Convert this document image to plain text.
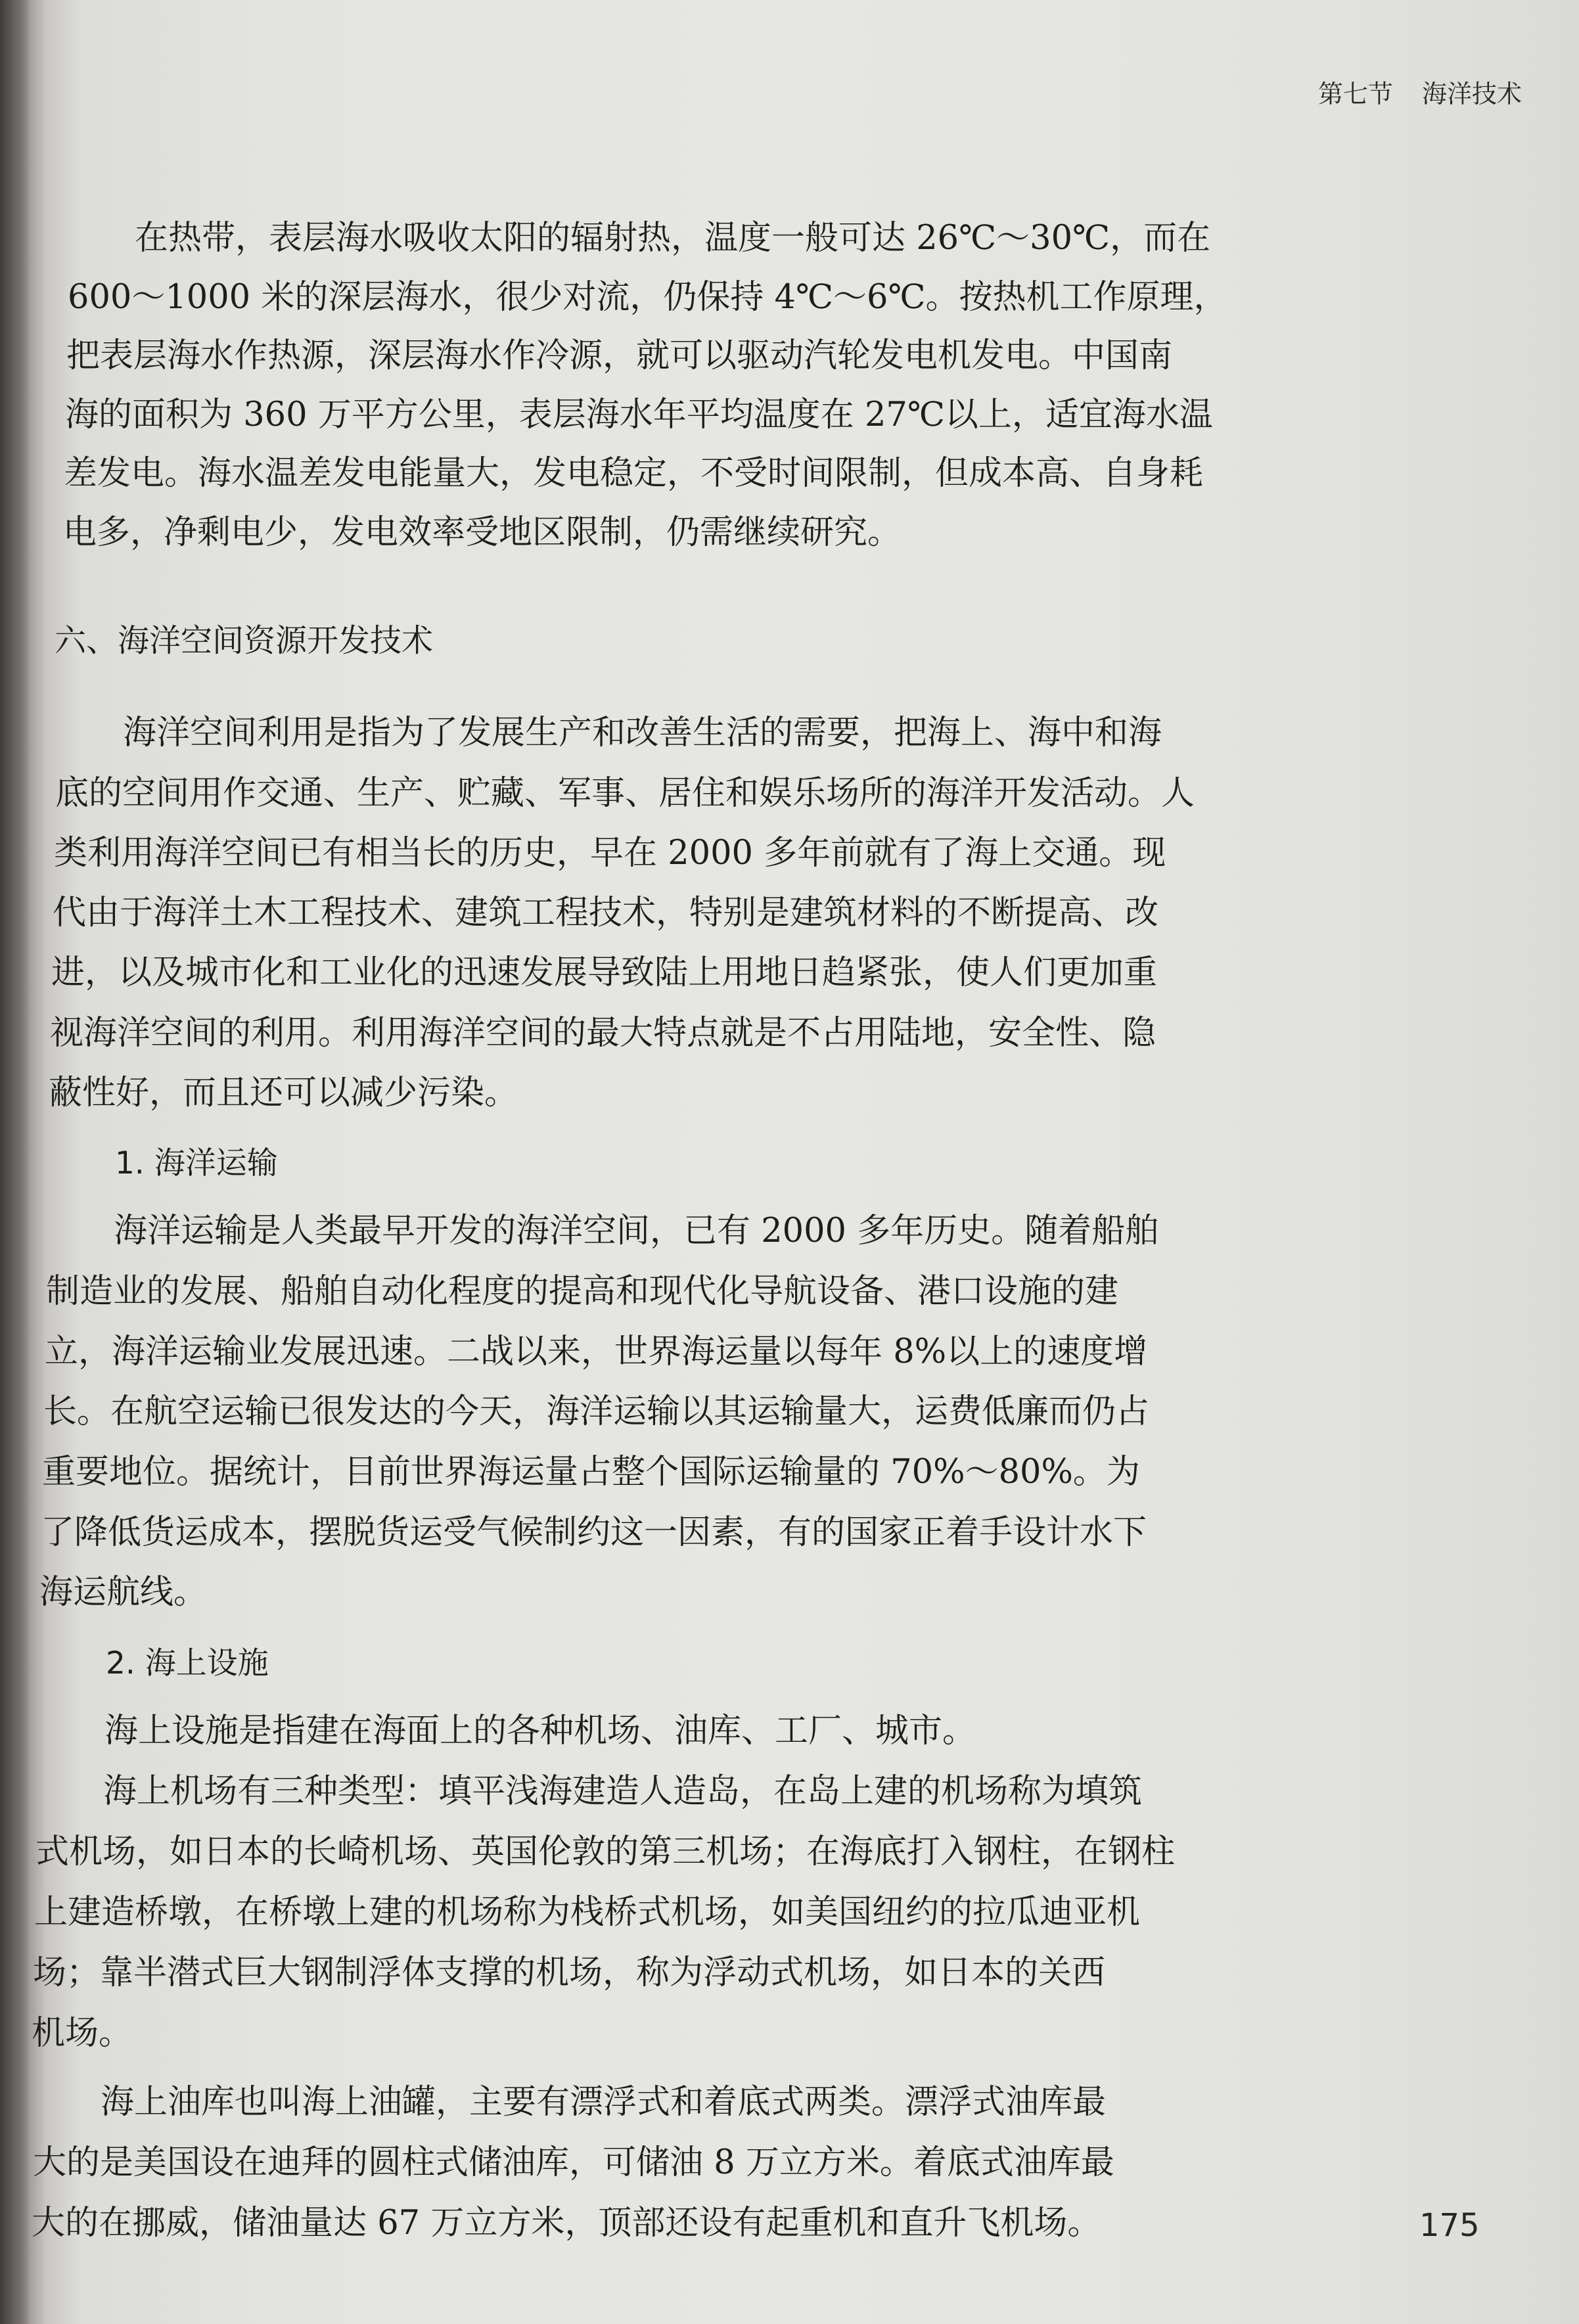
第七节 海洋技术
在热带，表层海水吸收太阳的辐射热，温度一般可达 26℃～30℃，而在
600～1000 米的深层海水，很少对流，仍保持 4℃～6℃。按热机工作原理，
把表层海水作热源，深层海水作冷源，就可以驱动汽轮发电机发电。中国南
海的面积为 360 万平方公里，表层海水年平均温度在 27℃以上，适宜海水温
差发电。海水温差发电能量大，发电稳定，不受时间限制，但成本高、自身耗
电多，净剩电少，发电效率受地区限制，仍需继续研究。
六、海洋空间资源开发技术
海洋空间利用是指为了发展生产和改善生活的需要，把海上、海中和海
底的空间用作交通、生产、贮藏、军事、居住和娱乐场所的海洋开发活动。人
类利用海洋空间已有相当长的历史，早在 2000 多年前就有了海上交通。现
代由于海洋土木工程技术、建筑工程技术，特别是建筑材料的不断提高、改
进，以及城市化和工业化的迅速发展导致陆上用地日趋紧张，使人们更加重
视海洋空间的利用。利用海洋空间的最大特点就是不占用陆地，安全性、隐
蔽性好，而且还可以减少污染。
1. 海洋运输
海洋运输是人类最早开发的海洋空间，已有 2000 多年历史。随着船舶
制造业的发展、船舶自动化程度的提高和现代化导航设备、港口设施的建
立，海洋运输业发展迅速。二战以来，世界海运量以每年 8%以上的速度增
长。在航空运输已很发达的今天，海洋运输以其运输量大，运费低廉而仍占
重要地位。据统计，目前世界海运量占整个国际运输量的 70%～80%。为
了降低货运成本，摆脱货运受气候制约这一因素，有的国家正着手设计水下
海运航线。
2. 海上设施
海上设施是指建在海面上的各种机场、油库、工厂、城市。
海上机场有三种类型：填平浅海建造人造岛，在岛上建的机场称为填筑
式机场，如日本的长崎机场、英国伦敦的第三机场；在海底打入钢柱，在钢柱
上建造桥墩，在桥墩上建的机场称为栈桥式机场，如美国纽约的拉瓜迪亚机
场；靠半潜式巨大钢制浮体支撑的机场，称为浮动式机场，如日本的关西
机场。
海上油库也叫海上油罐，主要有漂浮式和着底式两类。漂浮式油库最
大的是美国设在迪拜的圆柱式储油库，可储油 8 万立方米。着底式油库最
大的在挪威，储油量达 67 万立方米，顶部还设有起重机和直升飞机场。	175
